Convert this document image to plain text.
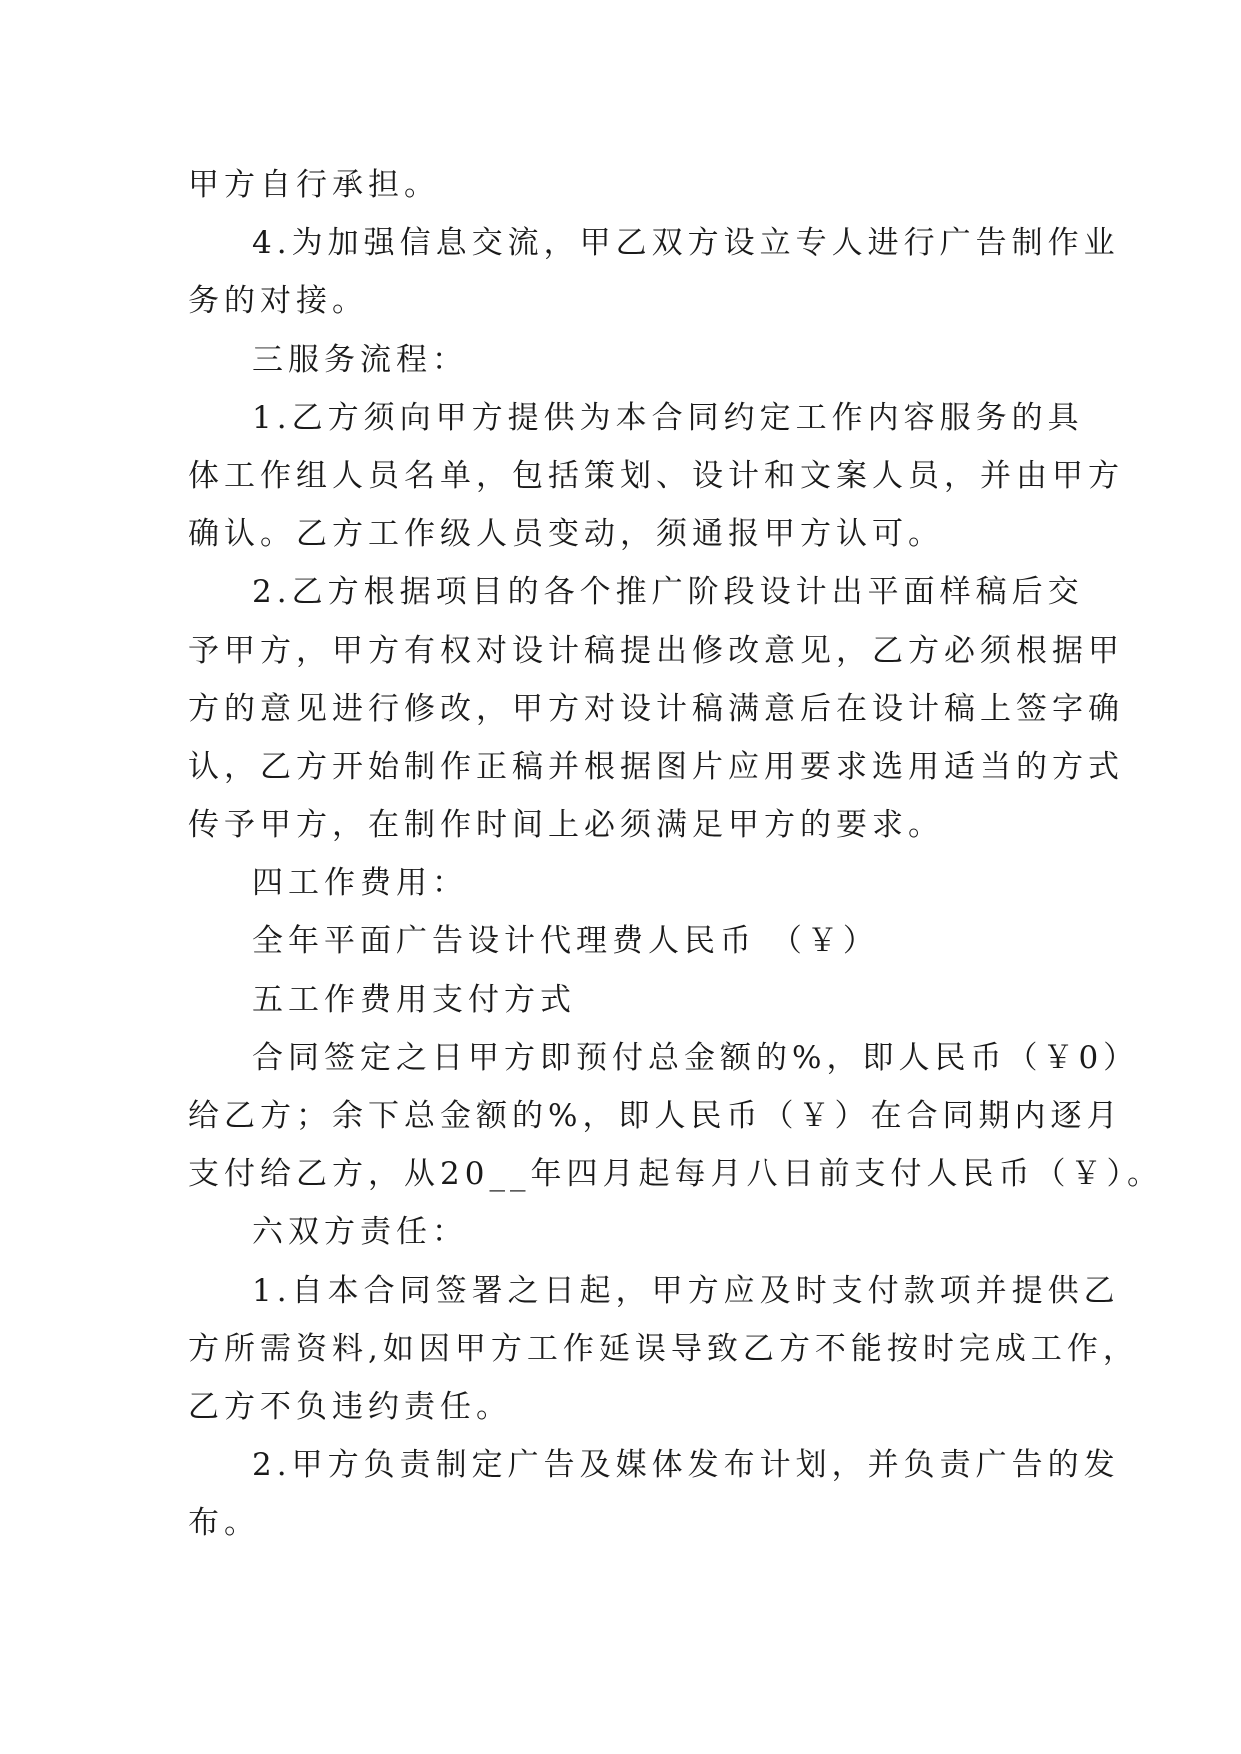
甲方自行承担。
4.为加强信息交流，甲乙双方设立专人进行广告制作业
务的对接。
三服务流程：
1.乙方须向甲方提供为本合同约定工作内容服务的具
体工作组人员名单，包括策划、设计和文案人员，并由甲方
确认。乙方工作级人员变动，须通报甲方认可。
2.乙方根据项目的各个推广阶段设计出平面样稿后交
予甲方，甲方有权对设计稿提出修改意见，乙方必须根据甲
方的意见进行修改，甲方对设计稿满意后在设计稿上签字确
认，乙方开始制作正稿并根据图片应用要求选用适当的方式
传予甲方，在制作时间上必须满足甲方的要求。
四工作费用：
全年平面广告设计代理费人民币 （￥）
五工作费用支付方式
合同签定之日甲方即预付总金额的%，即人民币（￥0）
给乙方；余下总金额的%，即人民币（￥）在合同期内逐月
支付给乙方，从20__年四月起每月八日前支付人民币（￥）。
六双方责任：
1.自本合同签署之日起，甲方应及时支付款项并提供乙
方所需资料,如因甲方工作延误导致乙方不能按时完成工作，
乙方不负违约责任。
2.甲方负责制定广告及媒体发布计划，并负责广告的发
布。
